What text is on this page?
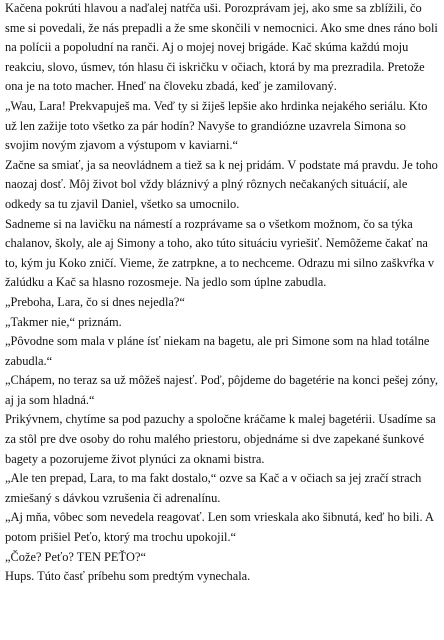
Kačena pokrúti hlavou a naďalej natŕča uši. Porozprávam jej, ako sme sa zblížili, čo sme si povedali, že nás prepadli a že sme skončili v nemocnici. Ako sme dnes ráno boli na polícii a popoludní na ranči. Aj o mojej novej brigáde. Kač skúma každú moju reakciu, slovo, úsmev, tón hlasu či iskričku v očiach, ktorá by ma prezradila. Pretože ona je na toto macher. Hneď na človeku zbadá, keď je zamilovaný.

„Wau, Lara! Prekvapuješ ma. Veď ty si žiješ lepšie ako hrdinka nejakého seriálu. Kto už len zažije toto všetko za pár hodín? Navyše to grandiózne uzavrela Simona so svojim novým zjavom a výstupom v kaviarni.“

Začne sa smiať, ja sa neovládnem a tiež sa k nej pridám. V podstate má pravdu. Je toho naozaj dosť. Môj život bol vždy bláznivý a plný rôznych nečakaných situácií, ale odkedy sa tu zjavil Daniel, všetko sa umocnilo.

Sadneme si na lavičku na námestí a rozprávame sa o všetkom možnom, čo sa týka chalanov, školy, ale aj Simony a toho, ako túto situáciu vyriešiť. Nemôžeme čakať na to, kým ju Koko zničí. Vieme, že zatrpkne, a to nechceme. Odrazu mi silno zaškvŕka v žalúdku a Kač sa hlasno rozosmeje. Na jedlo som úplne zabudla.

„Preboha, Lara, čo si dnes nejedla?“

„Takmer nie,“ priznám.

„Pôvodne som mala v pláne ísť niekam na bagetu, ale pri Simone som na hlad totálne zabudla.“

„Chápem, no teraz sa už môžeš najesť. Poď, pôjdeme do bagetérie na konci pešej zóny, aj ja som hladná.“

Prikývnem, chytíme sa pod pazuchy a spoločne kráčame k malej bagetérii. Usadíme sa za stôl pre dve osoby do rohu malého priestoru, objednáme si dve zapekané šunkové bagety a pozorujeme život plynúci za oknami bistra.

„Ale ten prepad, Lara, to ma fakt dostalo,“ ozve sa Kač a v očiach sa jej zračí strach zmiešaný s dávkou vzrušenia či adrenalínu.

„Aj mňa, vôbec som nevedela reagovať. Len som vrieskala ako šibnutá, keď ho bili. A potom prišiel Peťo, ktorý ma trochu upokojil.“

„Čože? Peťo? TEN PEŤO?“

Hups. Túto časť príbehu som predtým vynechala.
